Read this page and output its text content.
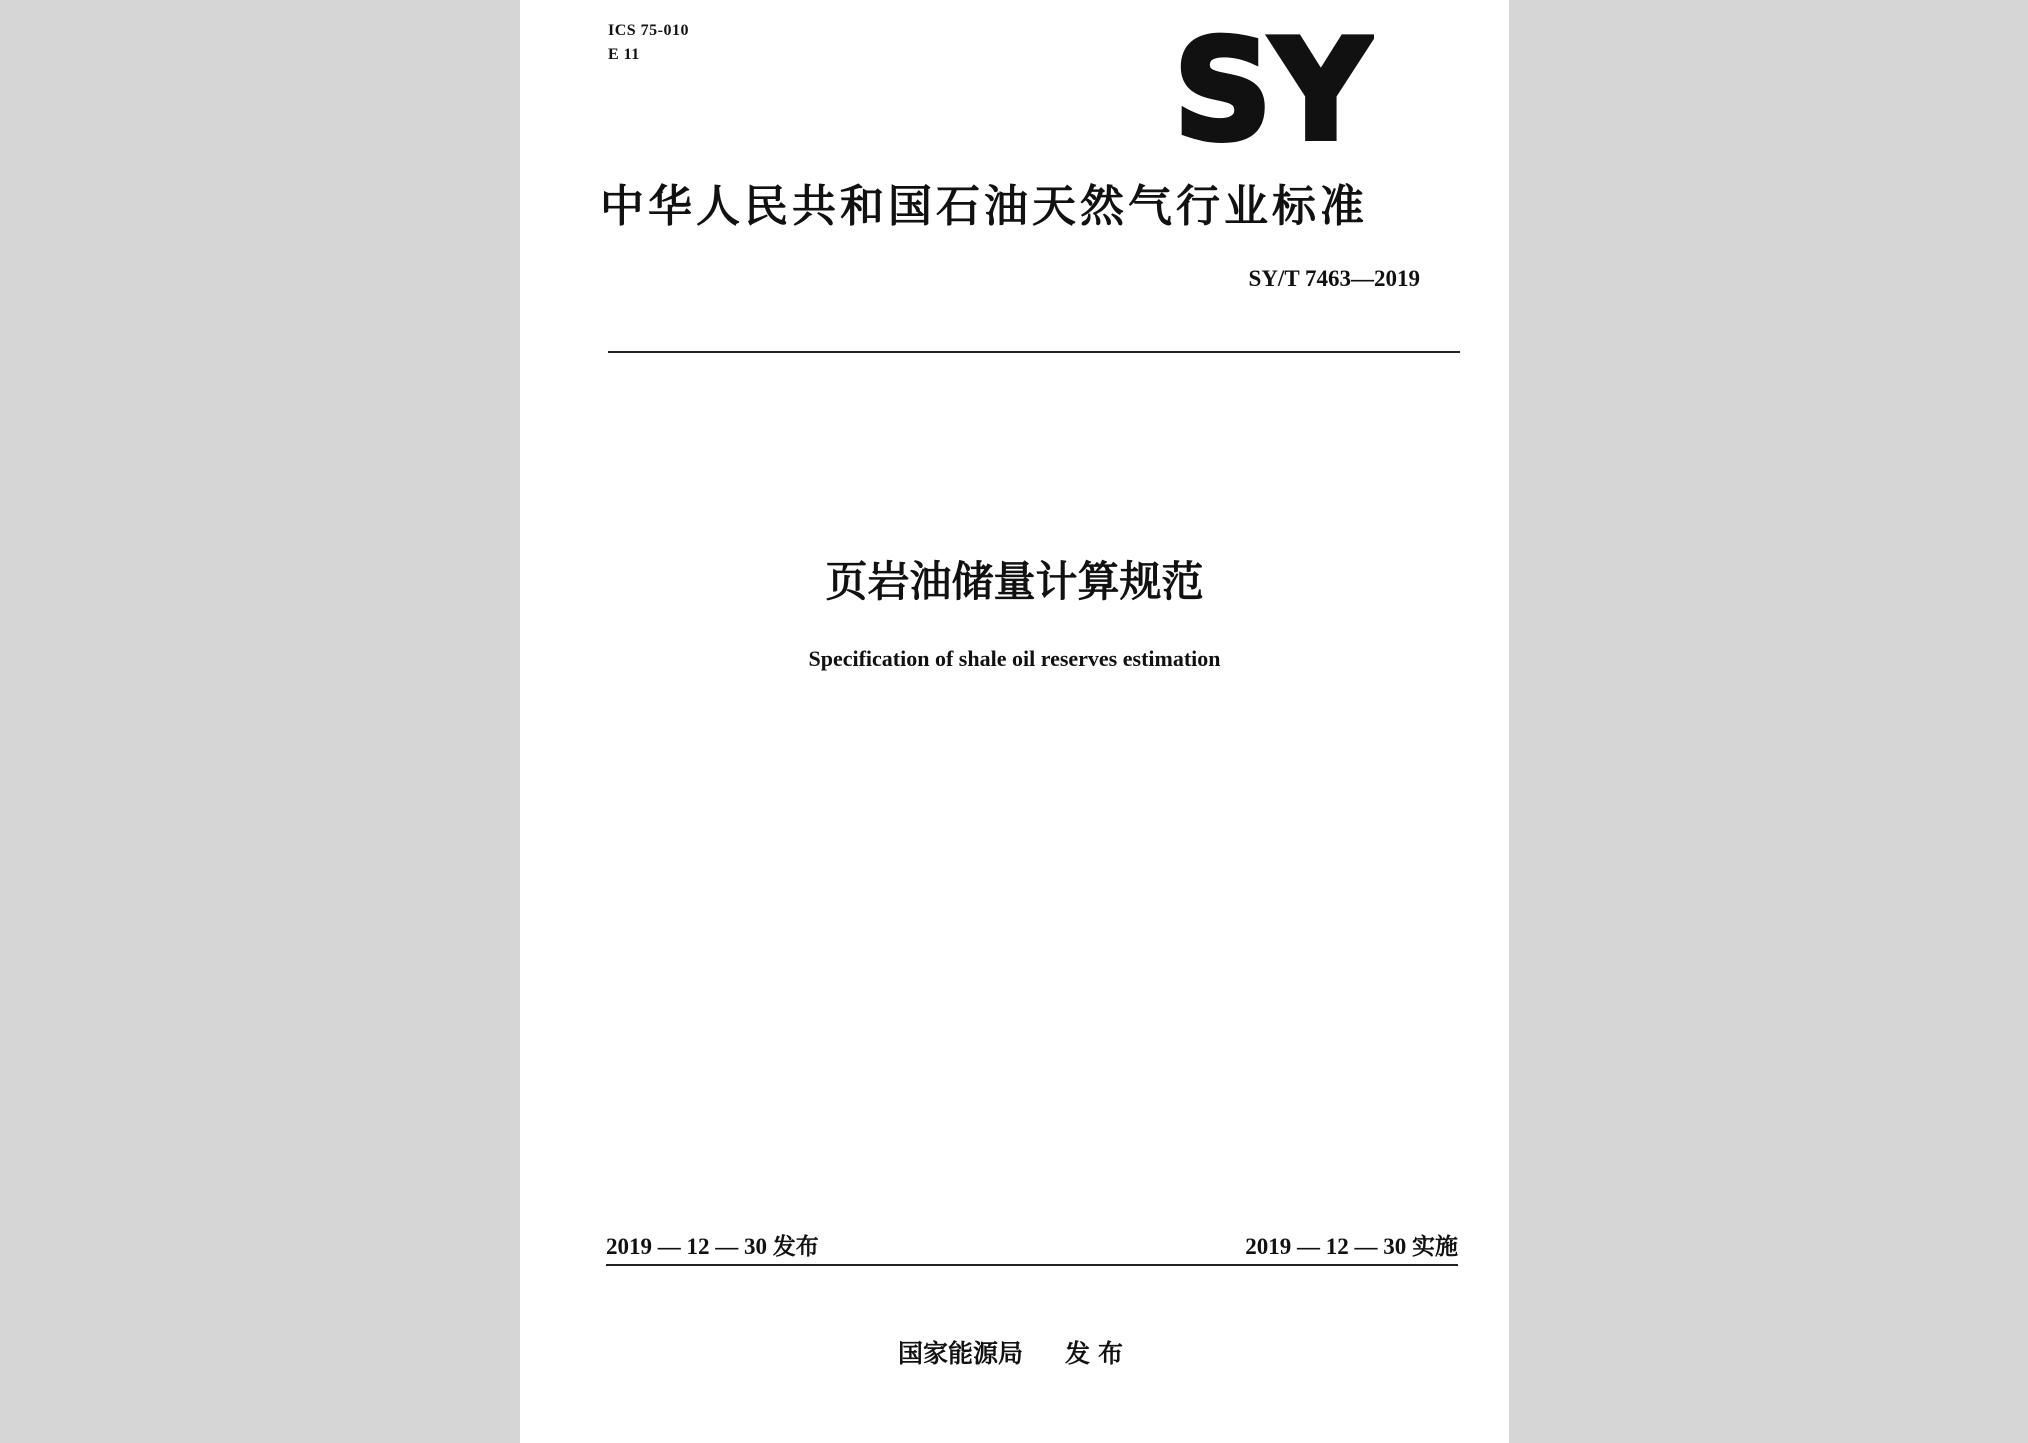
ICS 75-010
E 11	SY
中华人民共和国石油天然气行业标准
SY/T 7463—2019
页岩油储量计算规范
Specification of shale oil reserves estimation
2019 — 12 — 30 发布	2019 — 12 — 30 实施
国家能源局 发布
